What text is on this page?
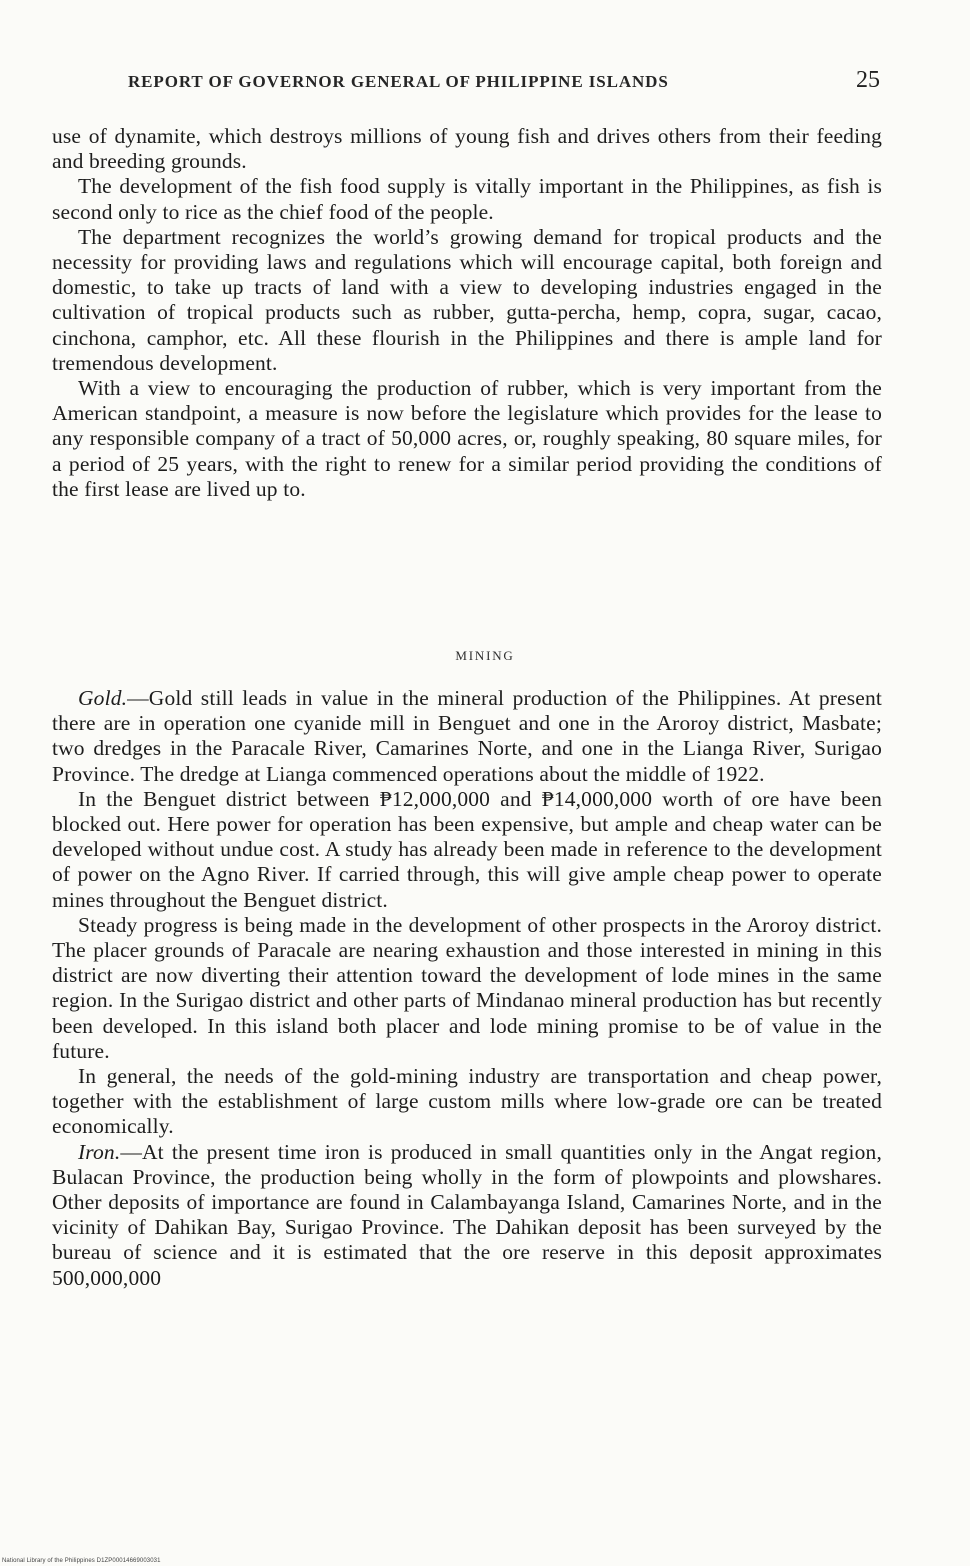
REPORT OF GOVERNOR GENERAL OF PHILIPPINE ISLANDS	25

use of dynamite, which destroys millions of young fish and drives others from their feeding and breeding grounds.

The development of the fish food supply is vitally important in the Philippines, as fish is second only to rice as the chief food of the people.

The department recognizes the world’s growing demand for tropical products and the necessity for providing laws and regulations which will encourage capital, both foreign and domestic, to take up tracts of land with a view to developing industries engaged in the cultivation of tropical products such as rubber, gutta-percha, hemp, copra, sugar, cacao, cinchona, camphor, etc. All these flourish in the Philippines and there is ample land for tremendous development.

With a view to encouraging the production of rubber, which is very important from the American standpoint, a measure is now before the legislature which provides for the lease to any responsible company of a tract of 50,000 acres, or, roughly speaking, 80 square miles, for a period of 25 years, with the right to renew for a similar period providing the conditions of the first lease are lived up to.

MINING

Gold.—Gold still leads in value in the mineral production of the Philippines. At present there are in operation one cyanide mill in Benguet and one in the Aroroy district, Masbate; two dredges in the Paracale River, Camarines Norte, and one in the Lianga River, Surigao Province. The dredge at Lianga commenced operations about the middle of 1922.

In the Benguet district between ₱12,000,000 and ₱14,000,000 worth of ore have been blocked out. Here power for operation has been expensive, but ample and cheap water can be developed without undue cost. A study has already been made in reference to the development of power on the Agno River. If carried through, this will give ample cheap power to operate mines throughout the Benguet district.

Steady progress is being made in the development of other prospects in the Aroroy district. The placer grounds of Paracale are nearing exhaustion and those interested in mining in this district are now diverting their attention toward the development of lode mines in the same region. In the Surigao district and other parts of Mindanao mineral production has but recently been developed. In this island both placer and lode mining promise to be of value in the future.

In general, the needs of the gold-mining industry are transportation and cheap power, together with the establishment of large custom mills where low-grade ore can be treated economically.

Iron.—At the present time iron is produced in small quantities only in the Angat region, Bulacan Province, the production being wholly in the form of plowpoints and plowshares. Other deposits of importance are found in Calambayanga Island, Camarines Norte, and in the vicinity of Dahikan Bay, Surigao Province. The Dahikan deposit has been surveyed by the bureau of science and it is estimated that the ore reserve in this deposit approximates 500,000,000

National Library of the Philippines D1ZP00014669003031
